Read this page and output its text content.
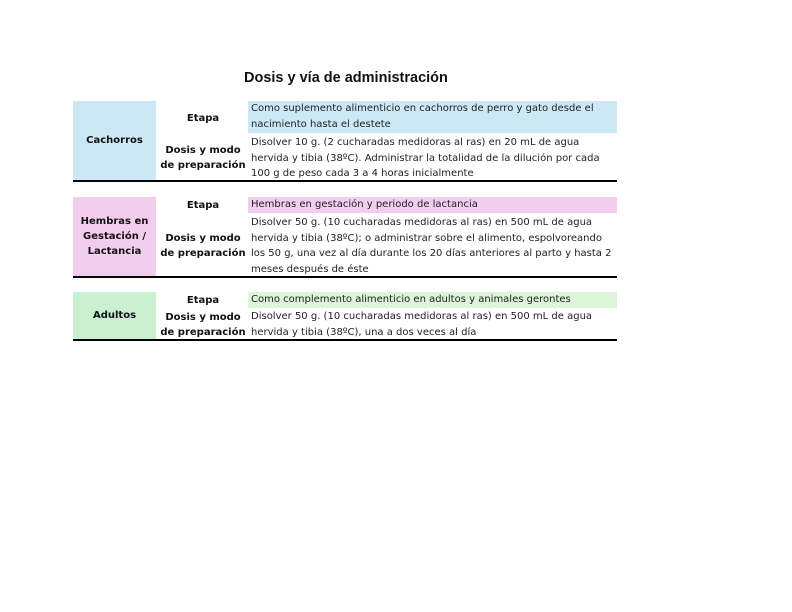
Dosis y vía de administración
Cachorros
Etapa
Como suplemento alimenticio en cachorros de perro y gato desde el nacimiento hasta el destete
Dosis y modo de preparación
Disolver 10 g. (2 cucharadas medidoras al ras) en 20 mL de agua hervida y tibia (38ºC). Administrar la totalidad de la dilución por cada 100 g de peso cada 3 a 4 horas inicialmente
Hembras en Gestación / Lactancia
Etapa	Hembras en gestación y periodo de lactancia
Dosis y modo de preparación
Disolver 50 g. (10 cucharadas medidoras al ras) en 500 mL de agua hervida y tibia (38ºC); o administrar sobre el alimento, espolvoreando los 50 g, una vez al día durante los 20 días anteriores al parto y hasta 2 meses después de éste
Adultos
Etapa	Como complemento alimenticio en adultos y animales gerontes
Dosis y modo de preparación
Disolver 50 g. (10 cucharadas medidoras al ras) en 500 mL de agua hervida y tibia (38ºC), una a dos veces al día
